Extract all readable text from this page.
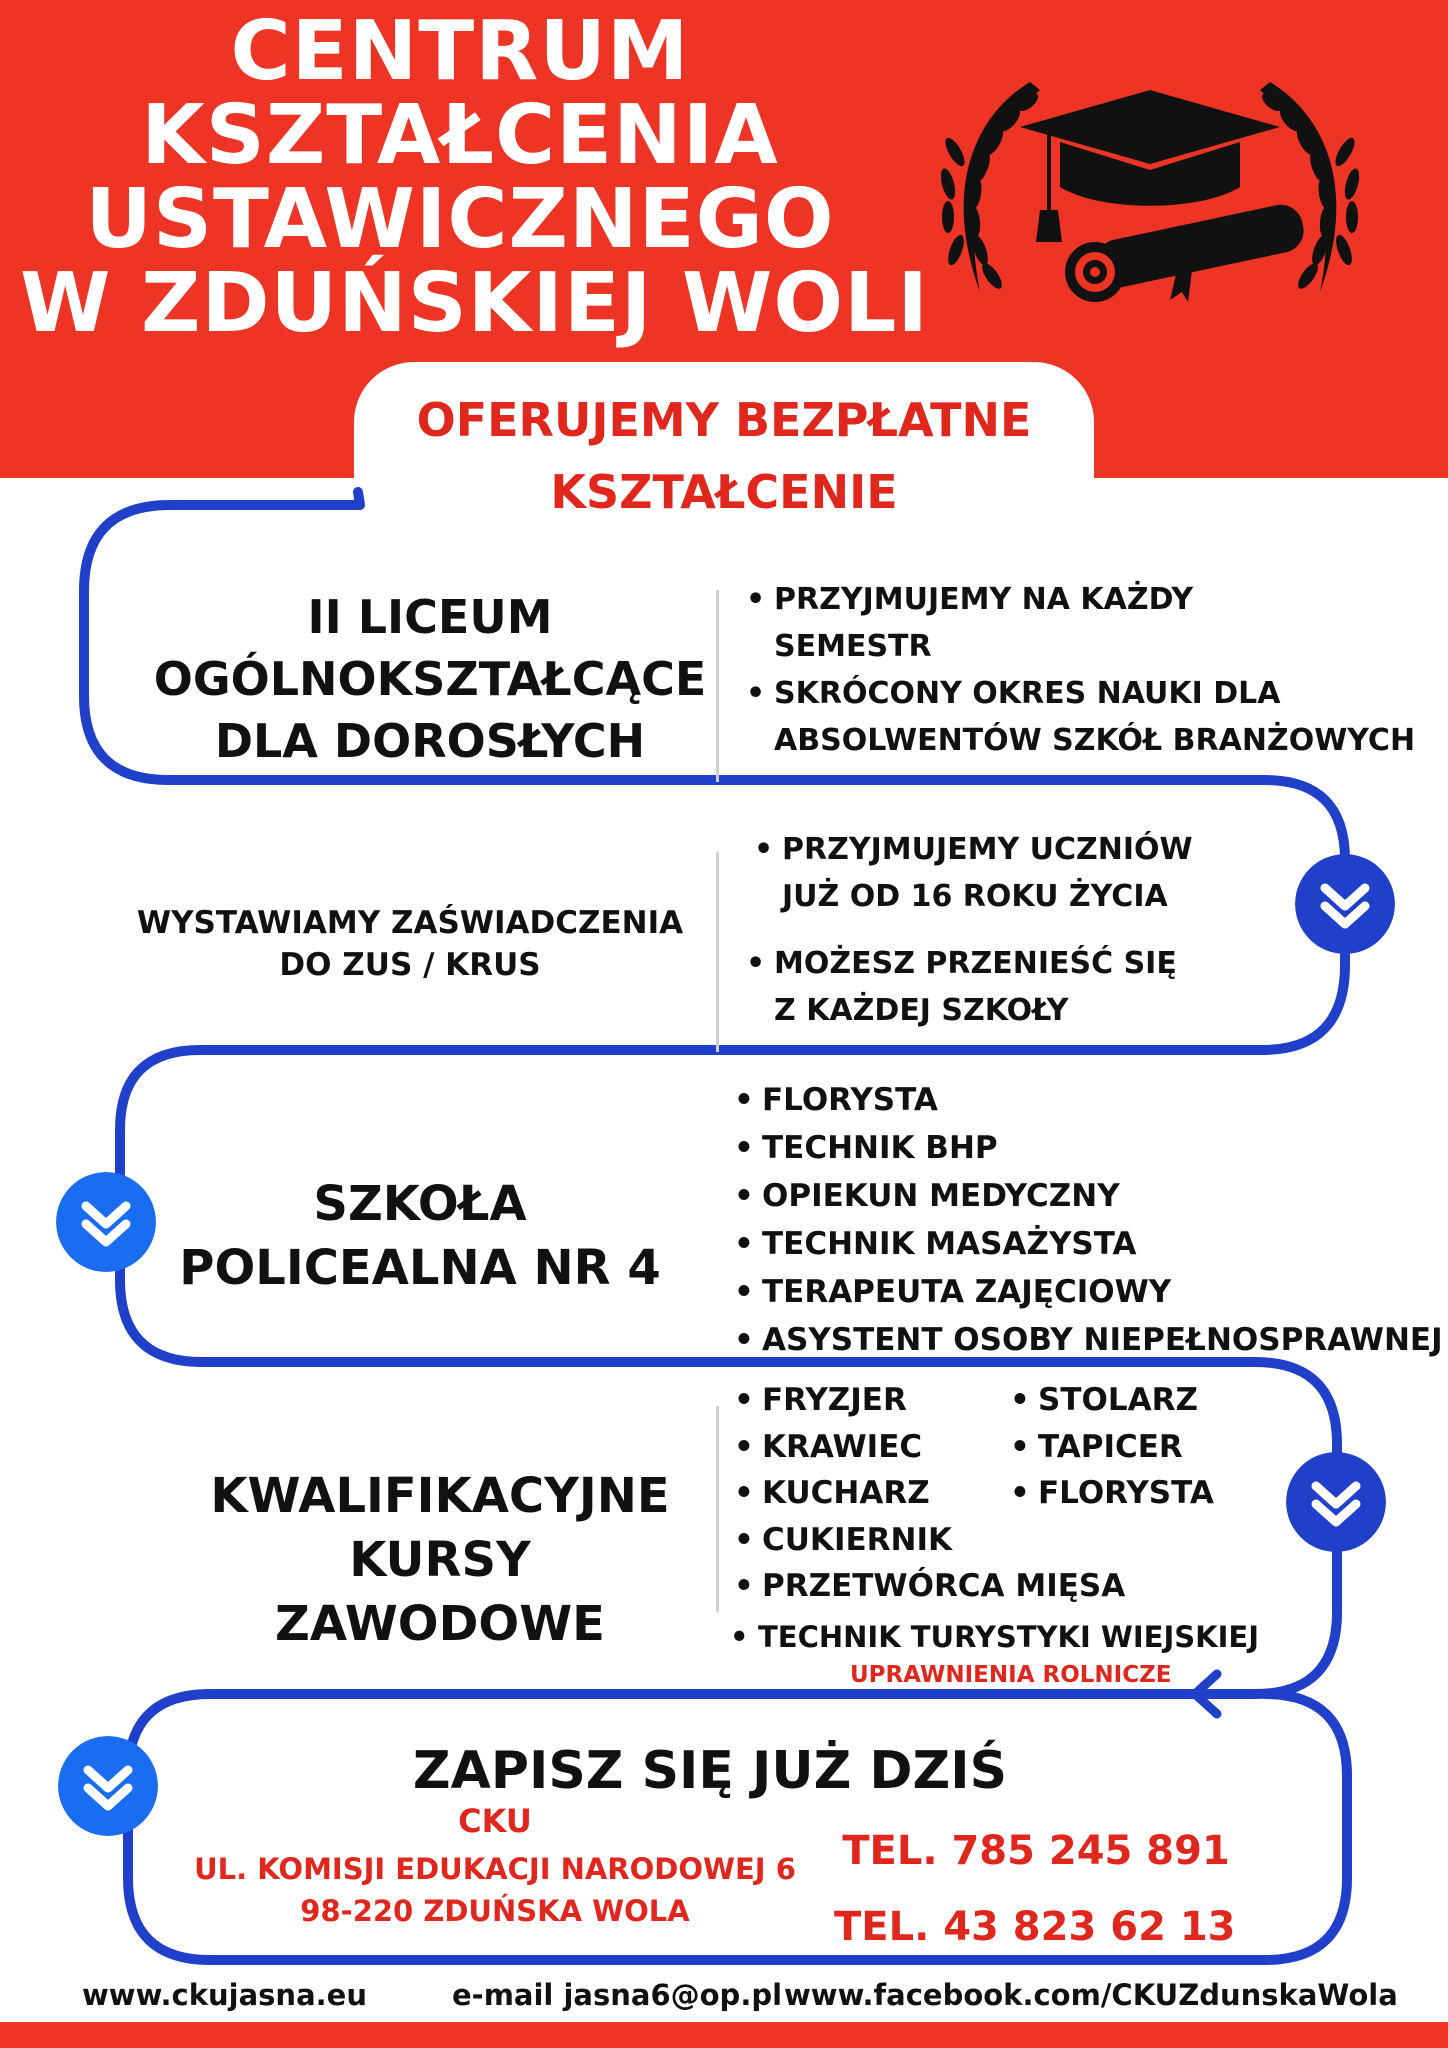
CENTRUM
KSZTAŁCENIA
USTAWICZNEGO
W ZDUŃSKIEJ WOLI
OFERUJEMY BEZPŁATNE
KSZTAŁCENIE
II LICEUM
OGÓLNOKSZTAŁCĄCE
DLA DOROSŁYCH
• PRZYJMUJEMY NA KAŻDY
SEMESTR
• SKRÓCONY OKRES NAUKI DLA
ABSOLWENTÓW SZKÓŁ BRANŻOWYCH
WYSTAWIAMY ZAŚWIADCZENIA
DO ZUS / KRUS
• PRZYJMUJEMY UCZNIÓW
JUŻ OD 16 ROKU ŻYCIA
• MOŻESZ PRZENIEŚĆ SIĘ
Z KAŻDEJ SZKOŁY
SZKOŁA
POLICEALNA NR 4
• FLORYSTA
• TECHNIK BHP
• OPIEKUN MEDYCZNY
• TECHNIK MASAŻYSTA
• TERAPEUTA ZAJĘCIOWY
• ASYSTENT OSOBY NIEPEŁNOSPRAWNEJ
KWALIFIKACYJNE
KURSY
ZAWODOWE
• FRYZJER
• KRAWIEC
• KUCHARZ
• CUKIERNIK
• PRZETWÓRCA MIĘSA
• STOLARZ
• TAPICER
• FLORYSTA
• TECHNIK TURYSTYKI WIEJSKIEJ
UPRAWNIENIA ROLNICZE
ZAPISZ SIĘ JUŻ DZIŚ
CKU
UL. KOMISJI EDUKACJI NARODOWEJ 6
98-220 ZDUŃSKA WOLA
TEL. 785 245 891
TEL. 43 823 62 13
www.ckujasna.eu	e-mail jasna6@op.pl www.facebook.com/CKUZdunskaWola
